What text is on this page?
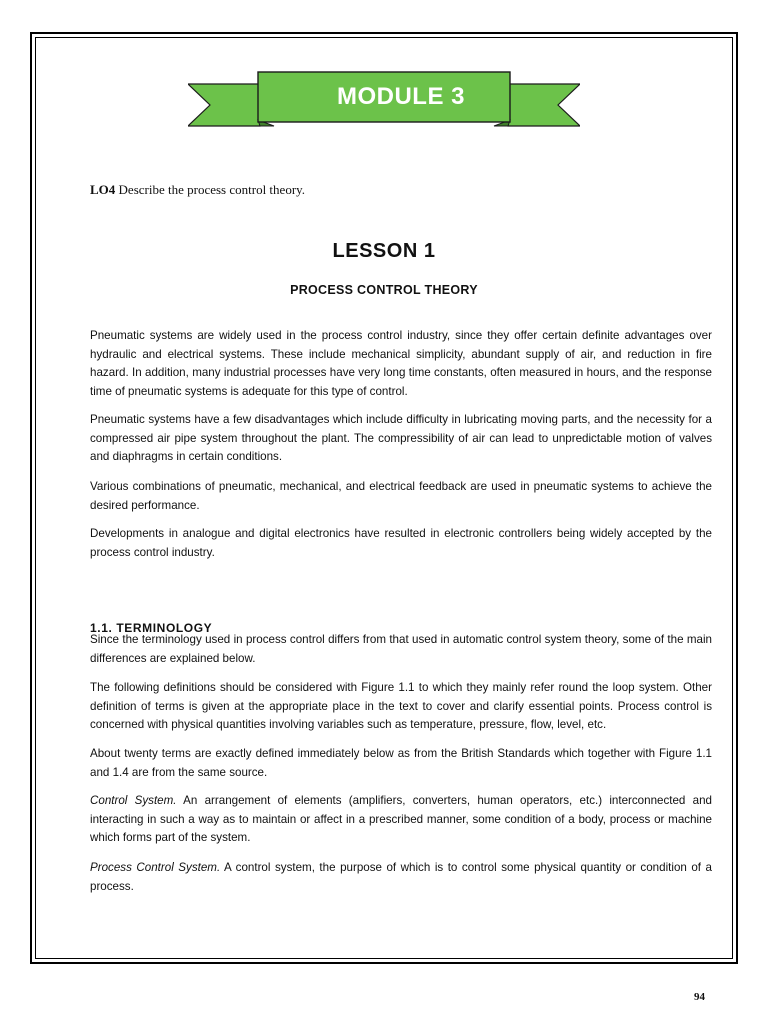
MODULE 3
LO4 Describe the process control theory.
LESSON 1
PROCESS CONTROL THEORY

Pneumatic systems are widely used in the process control industry, since they offer certain definite advantages over hydraulic and electrical systems. These include mechanical simplicity, abundant supply of air, and reduction in fire hazard. In addition, many industrial processes have very long time constants, often measured in hours, and the response time of pneumatic systems is adequate for this type of control.

Pneumatic systems have a few disadvantages which include difficulty in lubricating moving parts, and the necessity for a compressed air pipe system throughout the plant. The compressibility of air can lead to unpredictable motion of valves and diaphragms in certain conditions.

Various combinations of pneumatic, mechanical, and electrical feedback are used in pneumatic systems to achieve the desired performance.

Developments in analogue and digital electronics have resulted in electronic controllers being widely accepted by the process control industry.

1.1. TERMINOLOGY

Since the terminology used in process control differs from that used in automatic control system theory, some of the main differences are explained below.

The following definitions should be considered with Figure 1.1 to which they mainly refer round the loop system. Other definition of terms is given at the appropriate place in the text to cover and clarify essential points. Process control is concerned with physical quantities involving variables such as temperature, pressure, flow, level, etc.

About twenty terms are exactly defined immediately below as from the British Standards which together with Figure 1.1 and 1.4 are from the same source.

Control System. An arrangement of elements (amplifiers, converters, human operators, etc.) interconnected and interacting in such a way as to maintain or affect in a prescribed manner, some condition of a body, process or machine which forms part of the system.

Process Control System. A control system, the purpose of which is to control some physical quantity or condition of a process.

94
